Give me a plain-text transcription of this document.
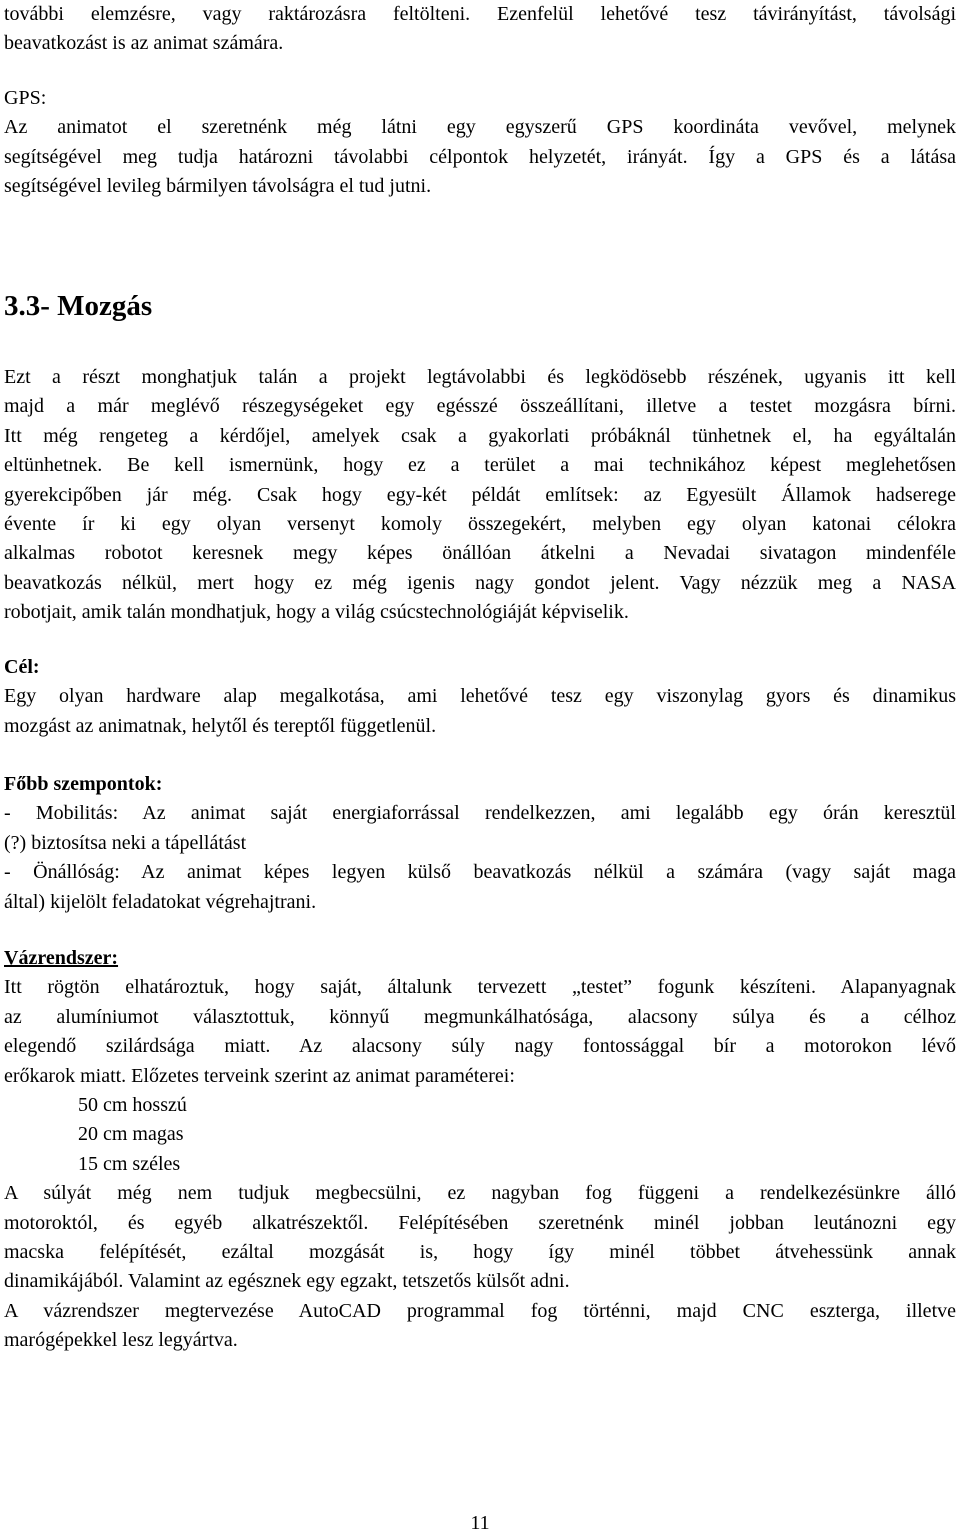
további elemzésre, vagy raktározásra feltölteni. Ezenfelül lehetővé tesz távirányítást, távolsági

beavatkozást is az animat számára.

GPS:

Az animatot el szeretnénk még látni egy egyszerű GPS koordináta vevővel, melynek

segítségével meg tudja határozni távolabbi célpontok helyzetét, irányát. Így a GPS és a látása

segítségével levileg bármilyen távolságra el tud jutni.

3.3- Mozgás

Ezt a részt monghatjuk talán a projekt legtávolabbi és legködösebb részének, ugyanis itt kell

majd a már meglévő részegységeket egy egésszé összeállítani, illetve a testet mozgásra bírni.

Itt még rengeteg a kérdőjel, amelyek csak a gyakorlati próbáknál tünhetnek el, ha egyáltalán

eltünhetnek. Be kell ismernünk, hogy ez a terület a mai technikához képest meglehetősen

gyerekcipőben jár még. Csak hogy egy-két példát említsek: az Egyesült Államok hadserege

évente ír ki egy olyan versenyt komoly összegekért, melyben egy olyan katonai célokra

alkalmas robotot keresnek megy képes önállóan átkelni a Nevadai sivatagon mindenféle

beavatkozás nélkül, mert hogy ez még igenis nagy gondot jelent. Vagy nézzük meg a NASA

robotjait, amik talán mondhatjuk, hogy a világ csúcstechnológiáját képviselik.

Cél:

Egy olyan hardware alap megalkotása, ami lehetővé tesz egy viszonylag gyors és dinamikus

mozgást az animatnak, helytől és tereptől függetlenül.

Főbb szempontok:

- Mobilitás: Az animat saját energiaforrással rendelkezzen, ami legalább egy órán keresztül

(?) biztosítsa neki a tápellátást

- Önállóság: Az animat képes legyen külső beavatkozás nélkül a számára (vagy saját maga

által) kijelölt feladatokat végrehajtrani.

Vázrendszer:

Itt rögtön elhatároztuk, hogy saját, általunk tervezett „testet” fogunk készíteni. Alapanyagnak

az alumíniumot választottuk, könnyű megmunkálhatósága, alacsony súlya és a célhoz

elegendő szilárdsága miatt. Az alacsony súly nagy fontossággal bír a motorokon lévő

erőkarok miatt. Előzetes terveink szerint az animat paraméterei:

50 cm hosszú

20 cm magas

15 cm széles

A súlyát még nem tudjuk megbecsülni, ez nagyban fog függeni a rendelkezésünkre álló

motoroktól, és egyéb alkatrészektől. Felépítésében szeretnénk minél jobban leutánozni egy

macska felépítését, ezáltal mozgását is, hogy így minél többet átvehessünk annak

dinamikájából. Valamint az egésznek egy egzakt, tetszetős külsőt adni.

A vázrendszer megtervezése AutoCAD programmal fog történni, majd CNC esztergа, illetve

marógépekkel lesz legyártva.

11
